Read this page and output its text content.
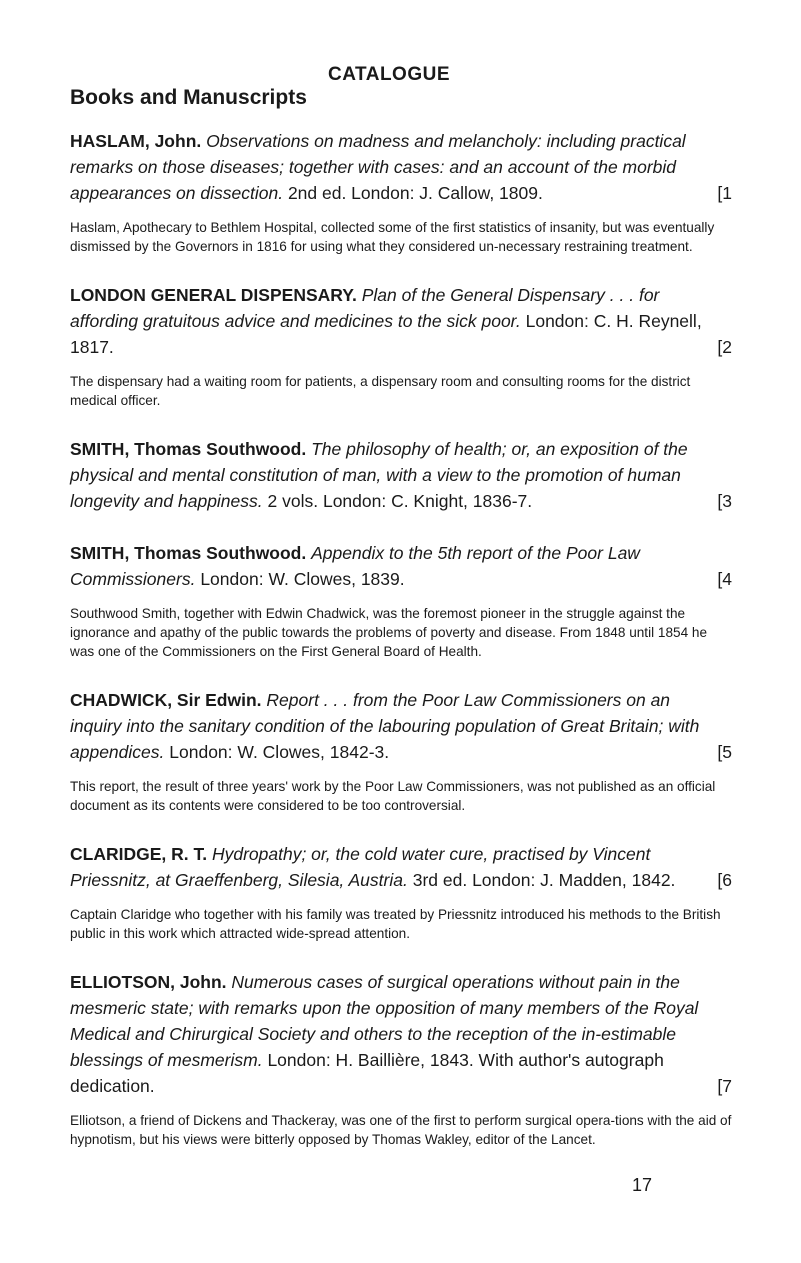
CATALOGUE
Books and Manuscripts
HASLAM, John. Observations on madness and melancholy: including practical remarks on those diseases; together with cases: and an account of the morbid appearances on dissection. 2nd ed. London: J. Callow, 1809.	[1
Haslam, Apothecary to Bethlem Hospital, collected some of the first statistics of insanity, but was eventually dismissed by the Governors in 1816 for using what they considered un-necessary restraining treatment.
LONDON GENERAL DISPENSARY. Plan of the General Dispensary . . . for affording gratuitous advice and medicines to the sick poor. London: C. H. Reynell, 1817.	[2
The dispensary had a waiting room for patients, a dispensary room and consulting rooms for the district medical officer.
SMITH, Thomas Southwood. The philosophy of health; or, an exposition of the physical and mental constitution of man, with a view to the promotion of human longevity and happiness. 2 vols. London: C. Knight, 1836-7.	[3
SMITH, Thomas Southwood. Appendix to the 5th report of the Poor Law Commissioners. London: W. Clowes, 1839.	[4
Southwood Smith, together with Edwin Chadwick, was the foremost pioneer in the struggle against the ignorance and apathy of the public towards the problems of poverty and disease. From 1848 until 1854 he was one of the Commissioners on the First General Board of Health.
CHADWICK, Sir Edwin. Report . . . from the Poor Law Commissioners on an inquiry into the sanitary condition of the labouring population of Great Britain; with appendices. London: W. Clowes, 1842-3.	[5
This report, the result of three years' work by the Poor Law Commissioners, was not published as an official document as its contents were considered to be too controversial.
CLARIDGE, R. T. Hydropathy; or, the cold water cure, practised by Vincent Priessnitz, at Graeffenberg, Silesia, Austria. 3rd ed. London: J. Madden, 1842. [6
Captain Claridge who together with his family was treated by Priessnitz introduced his methods to the British public in this work which attracted wide-spread attention.
ELLIOTSON, John. Numerous cases of surgical operations without pain in the mesmeric state; with remarks upon the opposition of many members of the Royal Medical and Chirurgical Society and others to the reception of the in-estimable blessings of mesmerism. London: H. Baillière, 1843. With author's autograph dedication.	[7
Elliotson, a friend of Dickens and Thackeray, was one of the first to perform surgical opera-tions with the aid of hypnotism, but his views were bitterly opposed by Thomas Wakley, editor of the Lancet.
17
